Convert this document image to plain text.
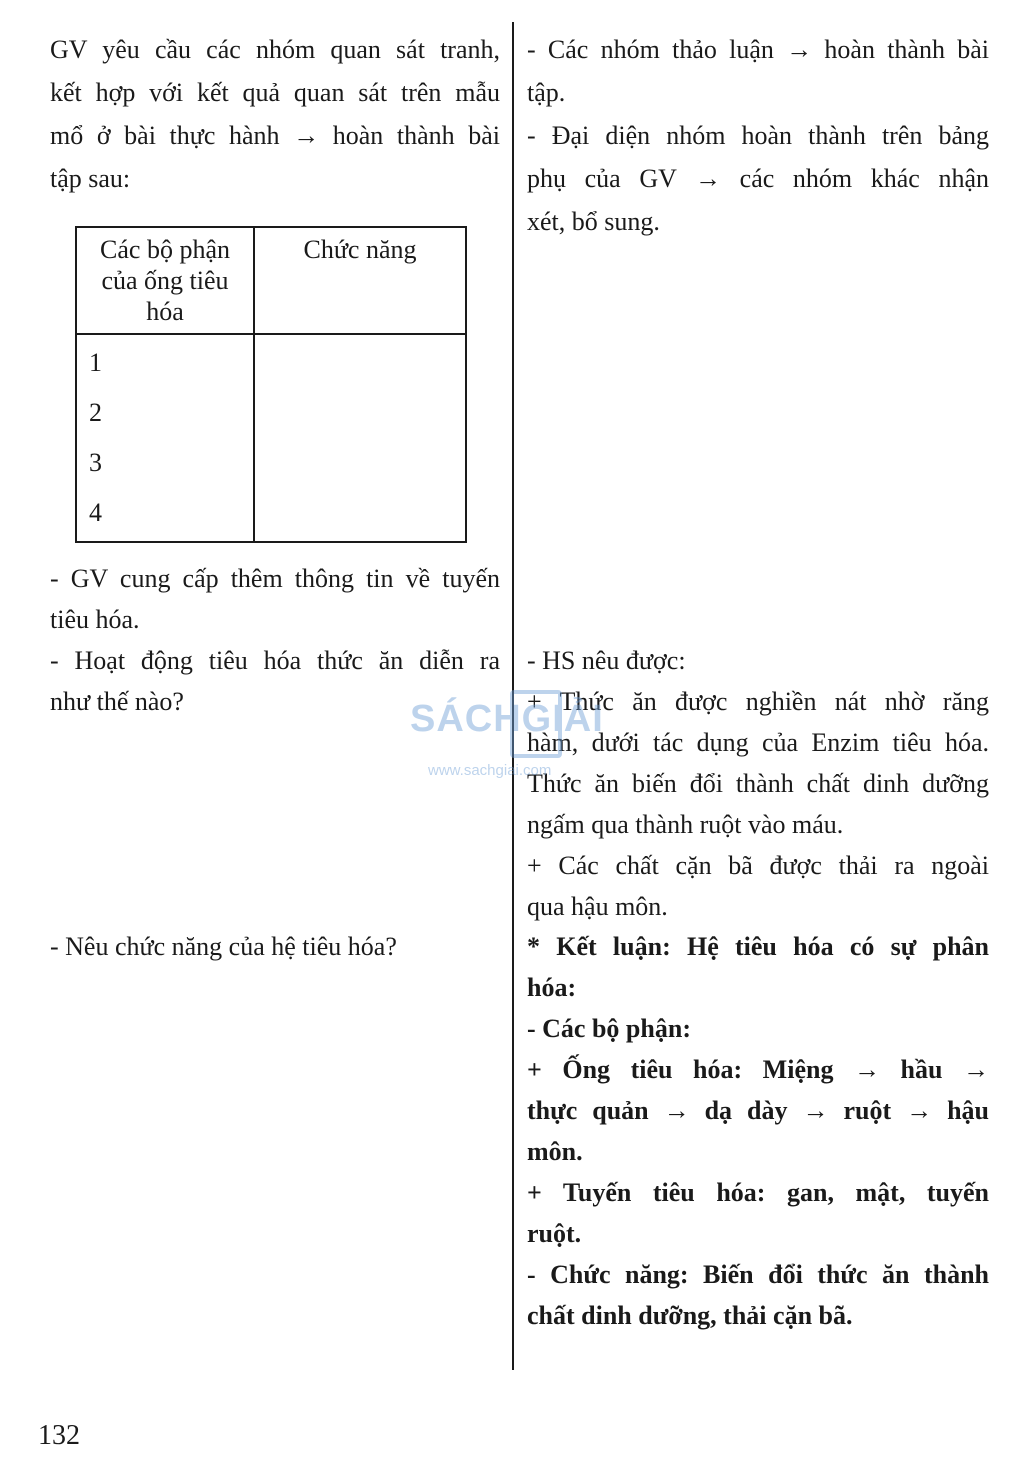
GV yêu cầu các nhóm quan sát tranh,
kết hợp với kết quả quan sát trên mẫu
mổ ở bài thực hành → hoàn thành bài
tập sau:
Các bộ phận của ống tiêu hóa	Chức năng

1
2
3
4	

- GV cung cấp thêm thông tin về tuyến
tiêu hóa.
- Hoạt động tiêu hóa thức ăn diễn ra
như thế nào?
- Nêu chức năng của hệ tiêu hóa?
- Các nhóm thảo luận → hoàn thành bài
tập.
- Đại diện nhóm hoàn thành trên bảng
phụ của GV → các nhóm khác nhận
xét, bổ sung.
- HS nêu được:
+ Thức ăn được nghiền nát nhờ răng
hàm, dưới tác dụng của Enzim tiêu hóa.
Thức ăn biến đổi thành chất dinh dưỡng
ngấm qua thành ruột vào máu.
+ Các chất cặn bã được thải ra ngoài
qua hậu môn.
* Kết luận: Hệ tiêu hóa có sự phân
hóa:
- Các bộ phận:
+ Ống tiêu hóa: Miệng → hầu →
thực quản → dạ dày → ruột → hậu
môn.
+ Tuyến tiêu hóa: gan, mật, tuyến
ruột.
- Chức năng: Biến đổi thức ăn thành
chất dinh dưỡng, thải cặn bã.
SÁCHGIẢI
www.sachgiai.com
132
